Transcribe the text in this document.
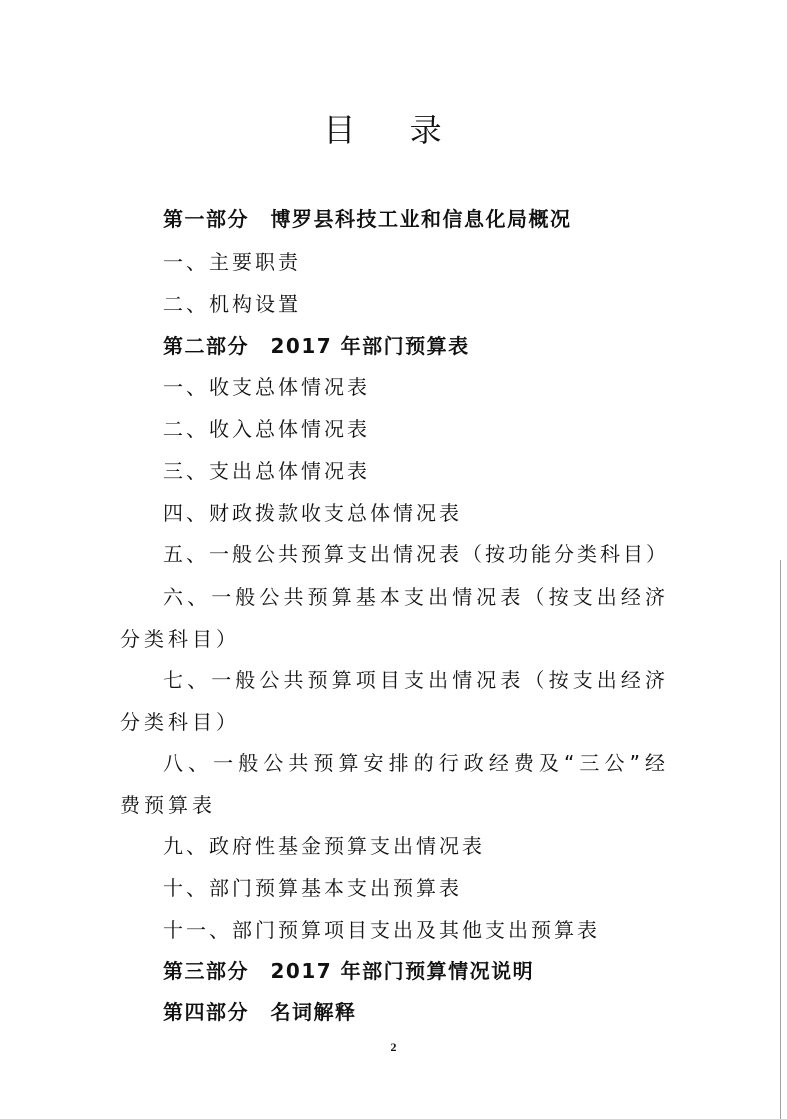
目 录
第一部分　博罗县科技工业和信息化局概况
一、主要职责
二、机构设置
第二部分　2017 年部门预算表
一、收支总体情况表
二、收入总体情况表
三、支出总体情况表
四、财政拨款收支总体情况表
五、一般公共预算支出情况表（按功能分类科目）
六、一般公共预算基本支出情况表（按支出经济分类科目）
七、一般公共预算项目支出情况表（按支出经济分类科目）
八、一般公共预算安排的行政经费及“三公”经费预算表
九、政府性基金预算支出情况表
十、部门预算基本支出预算表
十一、部门预算项目支出及其他支出预算表
第三部分　2017 年部门预算情况说明
第四部分　名词解释
2
